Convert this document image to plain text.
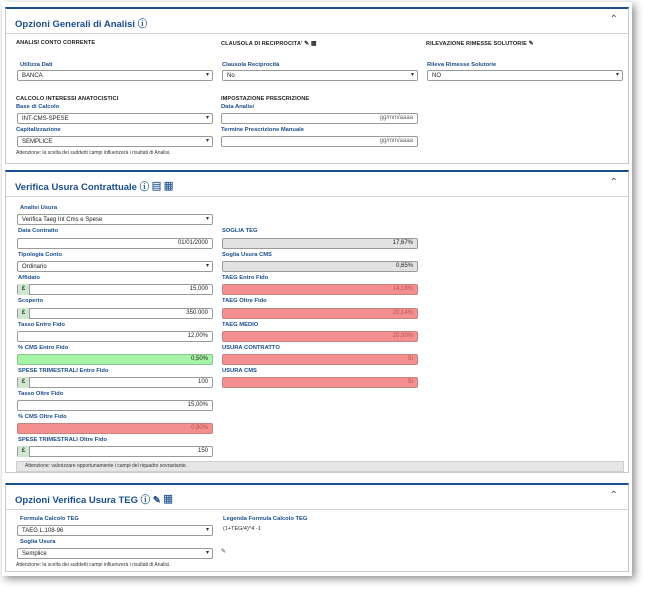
Opzioni Generali di Analisi ⓘ	⌃
ANALISI CONTO CORRENTE	CLAUSOLA DI RECIPROCITA' ✎ ▦	RILEVAZIONE RIMESSE SOLUTORIE ✎
Utilizza Dati
BANCA	▾
Clausola Reciprocità
No	▾
Rileva Rimesse Solutorie
NO	▾
CALCOLO INTERESSI ANATOCISTICI
Base di Calcolo
INT-CMS-SPESE	▾
Capitalizzazione
SEMPLICE	▾
Attenzione: la scelta dei suddetti campi influenzerà i risultati di Analisi.
IMPOSTAZIONE PRESCRIZIONE
Data Analisi
gg/mm/aaaa
Termine Prescrizione Manuale
gg/mm/aaaa
Verifica Usura Contrattuale ⓘ ▤ ▦	⌃
Analisi Usura
Verifica Taeg Int Cms e Spese	▾
Data Contratto
01/01/2000
Tipologia Conto
Ordinario	▾
Affidato
£	15.000
Scoperto
£	350.000
Tasso Entro Fido
12,00%
% CMS Entro Fido
0,50%
SPESE TRIMESTRALI Entro Fido
£	100
Tasso Oltre Fido
15,00%
% CMS Oltre Fido
0,90%
SPESE TRIMESTRALI Oltre Fido
£	150
SOGLIA TEG
17,67%
Soglia Usura CMS
0,65%
TAEG Entro Fido
14,18%
TAEG Oltre Fido
20,14%
TAEG MEDIO
20,00%
USURA CONTRATTO
Si
USURA CMS
Si
Attenzione: valorizzare opportunamente i campi del riquadro sovrastante.
Opzioni Verifica Usura TEG ⓘ ✎ ▦	⌃
Formula Calcolo TEG
TAEG L.108-96	▾
Legenda Formula Calcolo TEG
(1+TEG/4)^4 -1
Soglia Usura
Semplice	▾ ✎
Attenzione: la scelta dei suddetti campi influenzerà i risultati di Analisi.
